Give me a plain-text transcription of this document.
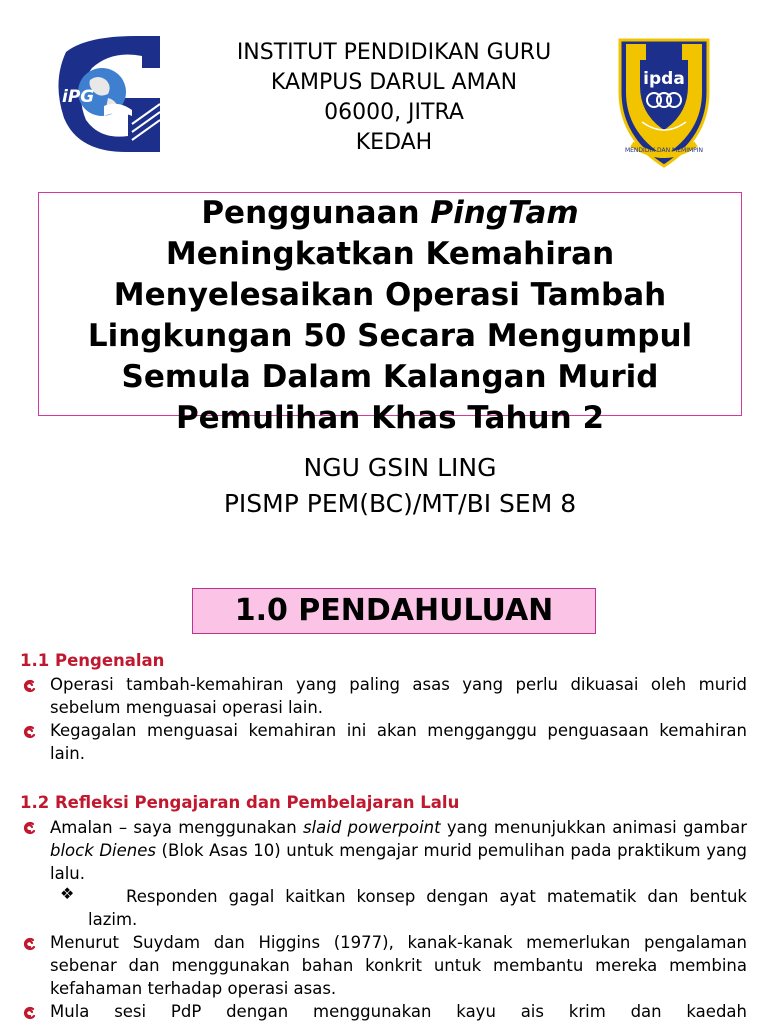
iPG
INSTITUT PENDIDIKAN GURU
KAMPUS DARUL AMAN
06000, JITRA
KEDAH
ipda
MENDIDIK DAN MEMIMPIN
Penggunaan PingTam
Meningkatkan Kemahiran
Menyelesaikan Operasi Tambah
Lingkungan 50 Secara Mengumpul
Semula Dalam Kalangan Murid
Pemulihan Khas Tahun 2
NGU GSIN LING
PISMP PEM(BC)/MT/BI SEM 8
1.0 PENDAHULUAN
1.1 Pengenalan
Operasi tambah-kemahiran yang paling asas yang perlu dikuasai oleh murid sebelum menguasai operasi lain.
Kegagalan menguasai kemahiran ini akan mengganggu penguasaan kemahiran lain.
1.2 Refleksi Pengajaran dan Pembelajaran Lalu
Amalan – saya menggunakan slaid powerpoint yang menunjukkan animasi gambar block Dienes (Blok Asas 10) untuk mengajar murid pemulihan pada praktikum yang lalu.
❖	Responden gagal kaitkan konsep dengan ayat matematik dan bentuk lazim.
Menurut Suydam dan Higgins (1977), kanak-kanak memerlukan pengalaman sebenar dan menggunakan bahan konkrit untuk membantu mereka membina kefahaman terhadap operasi asas.
Mula sesi PdP dengan menggunakan kayu ais krim dan kaedah
